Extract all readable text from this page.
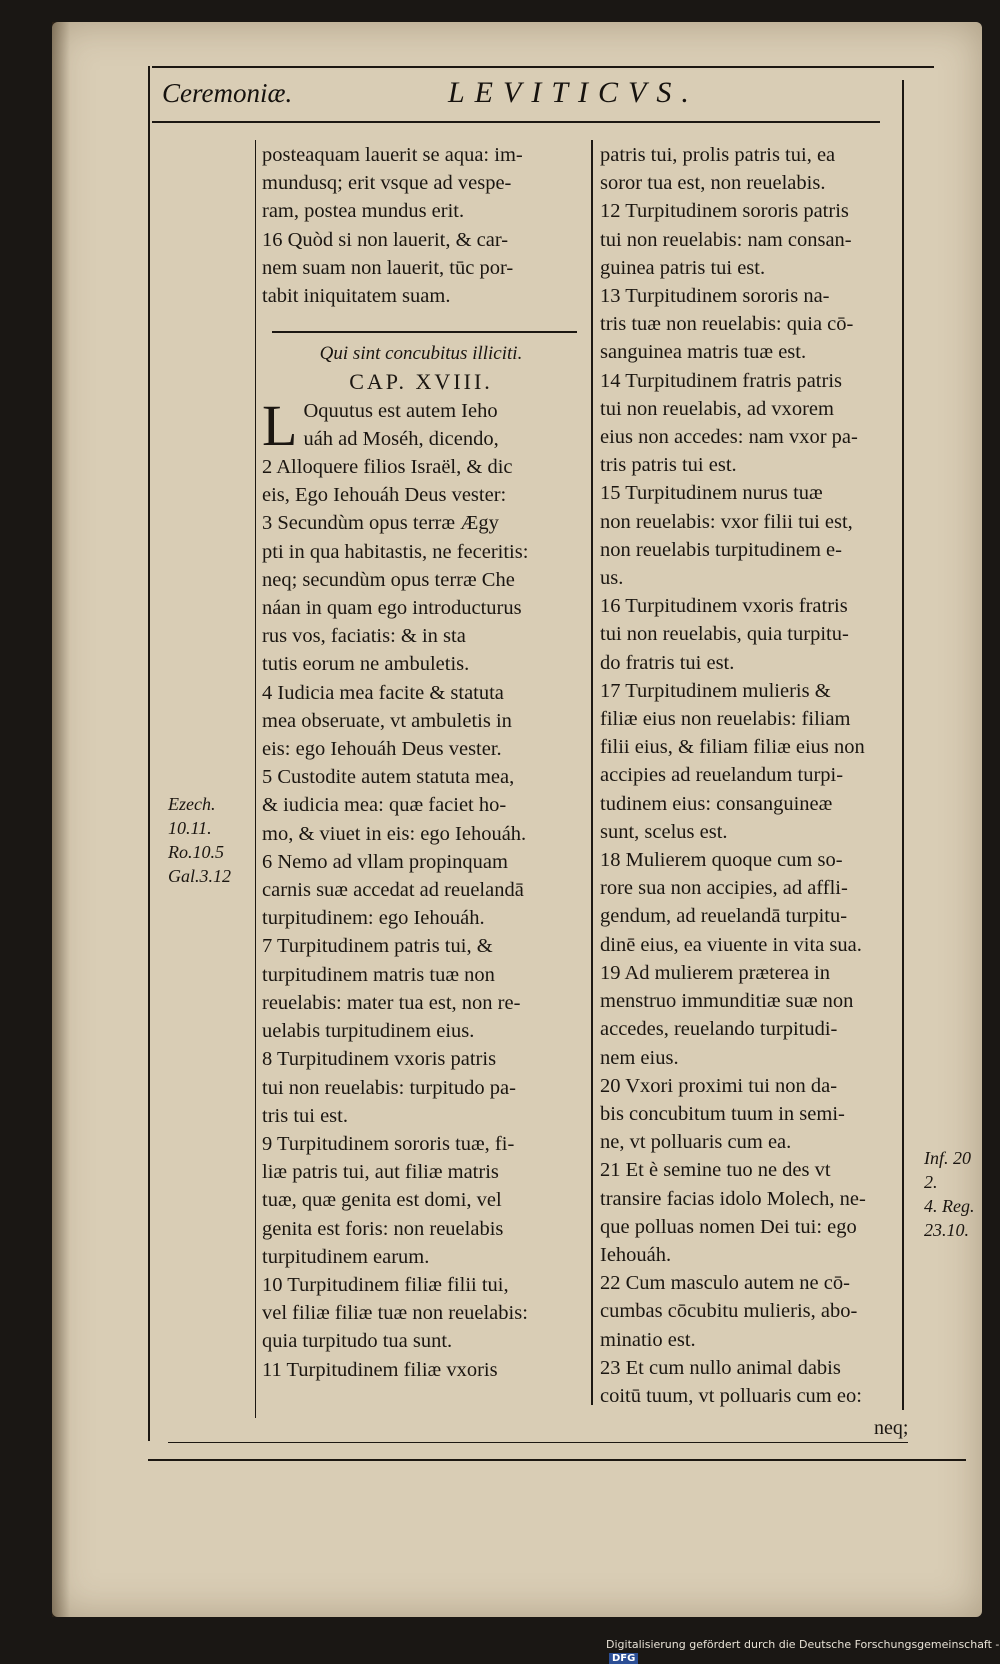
Ceremoniæ.	LEVITICVS.
posteaquam lauerit se aqua: im-
mundusq; erit vsque ad vespe-
ram, postea mundus erit.
16 Quòd si non lauerit, & car-
nem suam non lauerit, tūc por-
tabit iniquitatem suam.
Qui sint concubitus illiciti.
CAP. XVIII.
L Oquutus est autem Ieho
uáh ad Moséh, dicendo,
2 Alloquere filios Israël, & dic
eis, Ego Iehouáh Deus vester:
3 Secundùm opus terræ Ægy
pti in qua habitastis, ne feceritis:
neq; secundùm opus terræ Che
náan in quam ego introducturus
rus vos, faciatis: & in sta
tutis eorum ne ambuletis.
4 Iudicia mea facite & statuta
mea obseruate, vt ambuletis in
eis: ego Iehouáh Deus vester.
5 Custodite autem statuta mea,
& iudicia mea: quæ faciet ho-
mo, & viuet in eis: ego Iehouáh.
6 Nemo ad vllam propinquam
carnis suæ accedat ad reuelandā
turpitudinem: ego Iehouáh.
7 Turpitudinem patris tui, &
turpitudinem matris tuæ non
reuelabis: mater tua est, non re-
uelabis turpitudinem eius.
8 Turpitudinem vxoris patris
tui non reuelabis: turpitudo pa-
tris tui est.
9 Turpitudinem sororis tuæ, fi-
liæ patris tui, aut filiæ matris
tuæ, quæ genita est domi, vel
genita est foris: non reuelabis
turpitudinem earum.
10 Turpitudinem filiæ filii tui,
vel filiæ filiæ tuæ non reuelabis:
quia turpitudo tua sunt.
11 Turpitudinem filiæ vxoris
patris tui, prolis patris tui, ea
soror tua est, non reuelabis.
12 Turpitudinem sororis patris
tui non reuelabis: nam consan-
guinea patris tui est.
13 Turpitudinem sororis na-
tris tuæ non reuelabis: quia cō-
sanguinea matris tuæ est.
14 Turpitudinem fratris patris
tui non reuelabis, ad vxorem
eius non accedes: nam vxor pa-
tris patris tui est.
15 Turpitudinem nurus tuæ
non reuelabis: vxor filii tui est,
non reuelabis turpitudinem e-
us.
16 Turpitudinem vxoris fratris
tui non reuelabis, quia turpitu-
do fratris tui est.
17 Turpitudinem mulieris &
filiæ eius non reuelabis: filiam
filii eius, & filiam filiæ eius non
accipies ad reuelandum turpi-
tudinem eius: consanguineæ
sunt, scelus est.
18 Mulierem quoque cum so-
rore sua non accipies, ad affli-
gendum, ad reuelandā turpitu-
dinē eius, ea viuente in vita sua.
19 Ad mulierem præterea in
menstruo immunditiæ suæ non
accedes, reuelando turpitudi-
nem eius.
20 Vxori proximi tui non da-
bis concubitum tuum in semi-
ne, vt polluaris cum ea.
21 Et è semine tuo ne des vt
transire facias idolo Molech, ne-
que polluas nomen Dei tui: ego
Iehouáh.
22 Cum masculo autem ne cō-
cumbas cōcubitu mulieris, abo-
minatio est.
23 Et cum nullo animal dabis
coitū tuum, vt polluaris cum eo:
Ezech.
10.11.
Ro.10.5
Gal.3.12
Inf. 20
2.
4. Reg.
23.10.
neq;
Digitalisierung gefördert durch die Deutsche Forschungsgemeinschaft -DFG
